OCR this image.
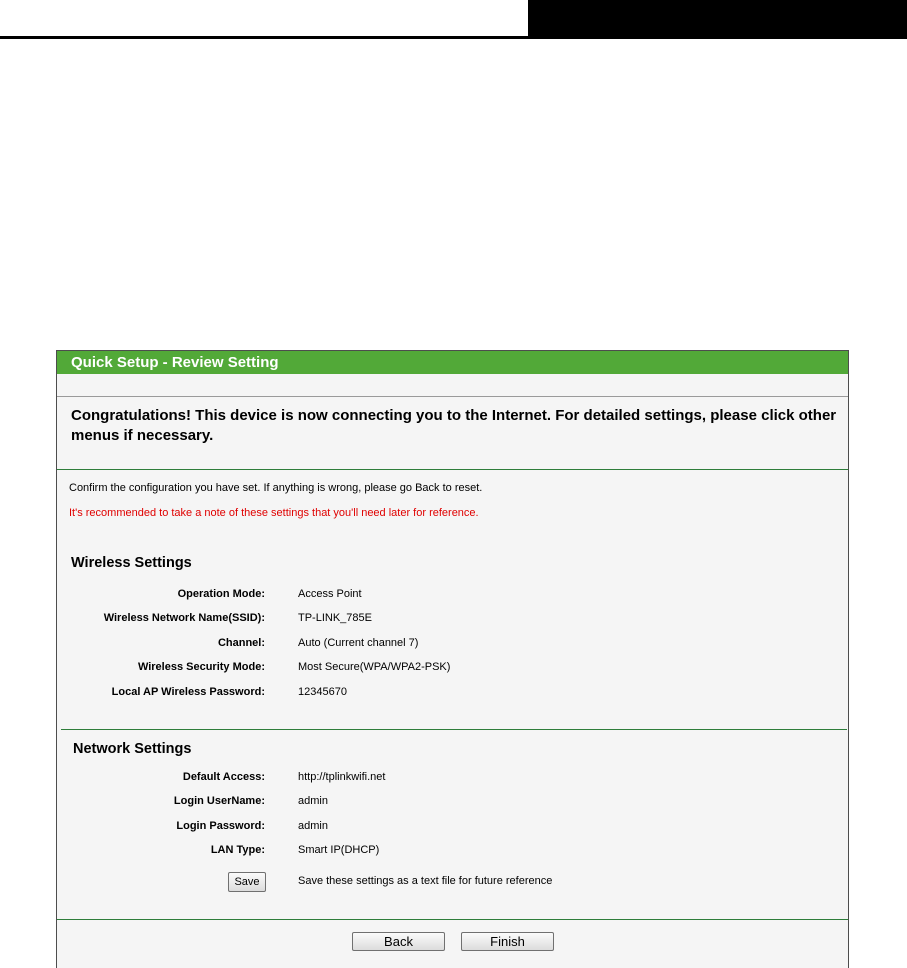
Quick Setup - Review Setting
Congratulations! This device is now connecting you to the Internet. For detailed settings, please click other menus if necessary.
Confirm the configuration you have set. If anything is wrong, please go Back to reset.
It's recommended to take a note of these settings that you'll need later for reference.
Wireless Settings
Operation Mode:	Access Point
Wireless Network Name(SSID):	TP-LINK_785E
Channel:	Auto (Current channel 7)
Wireless Security Mode:	Most Secure(WPA/WPA2-PSK)
Local AP Wireless Password:	12345670
Network Settings
Default Access:	http://tplinkwifi.net
Login UserName:	admin
Login Password:	admin
LAN Type:	Smart IP(DHCP)
Save	Save these settings as a text file for future reference
Back	Finish
